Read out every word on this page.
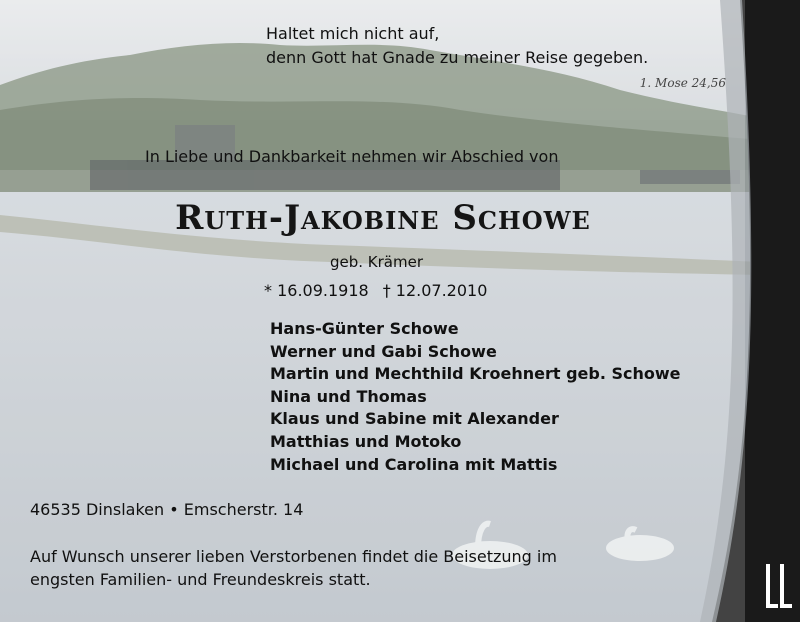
Haltet mich nicht auf,
denn Gott hat Gnade zu meiner Reise gegeben.
1. Mose 24,56
In Liebe und Dankbarkeit nehmen wir Abschied von
Ruth-Jakobine Schowe
geb. Krämer
* 16.09.1918 † 12.07.2010
Hans-Günter Schowe
Werner und Gabi Schowe
Martin und Mechthild Kroehnert geb. Schowe
Nina und Thomas
Klaus und Sabine mit Alexander
Matthias und Motoko
Michael und Carolina mit Mattis
46535 Dinslaken • Emscherstr. 14
Auf Wunsch unserer lieben Verstorbenen findet die Beisetzung im
engsten Familien- und Freundeskreis statt.
